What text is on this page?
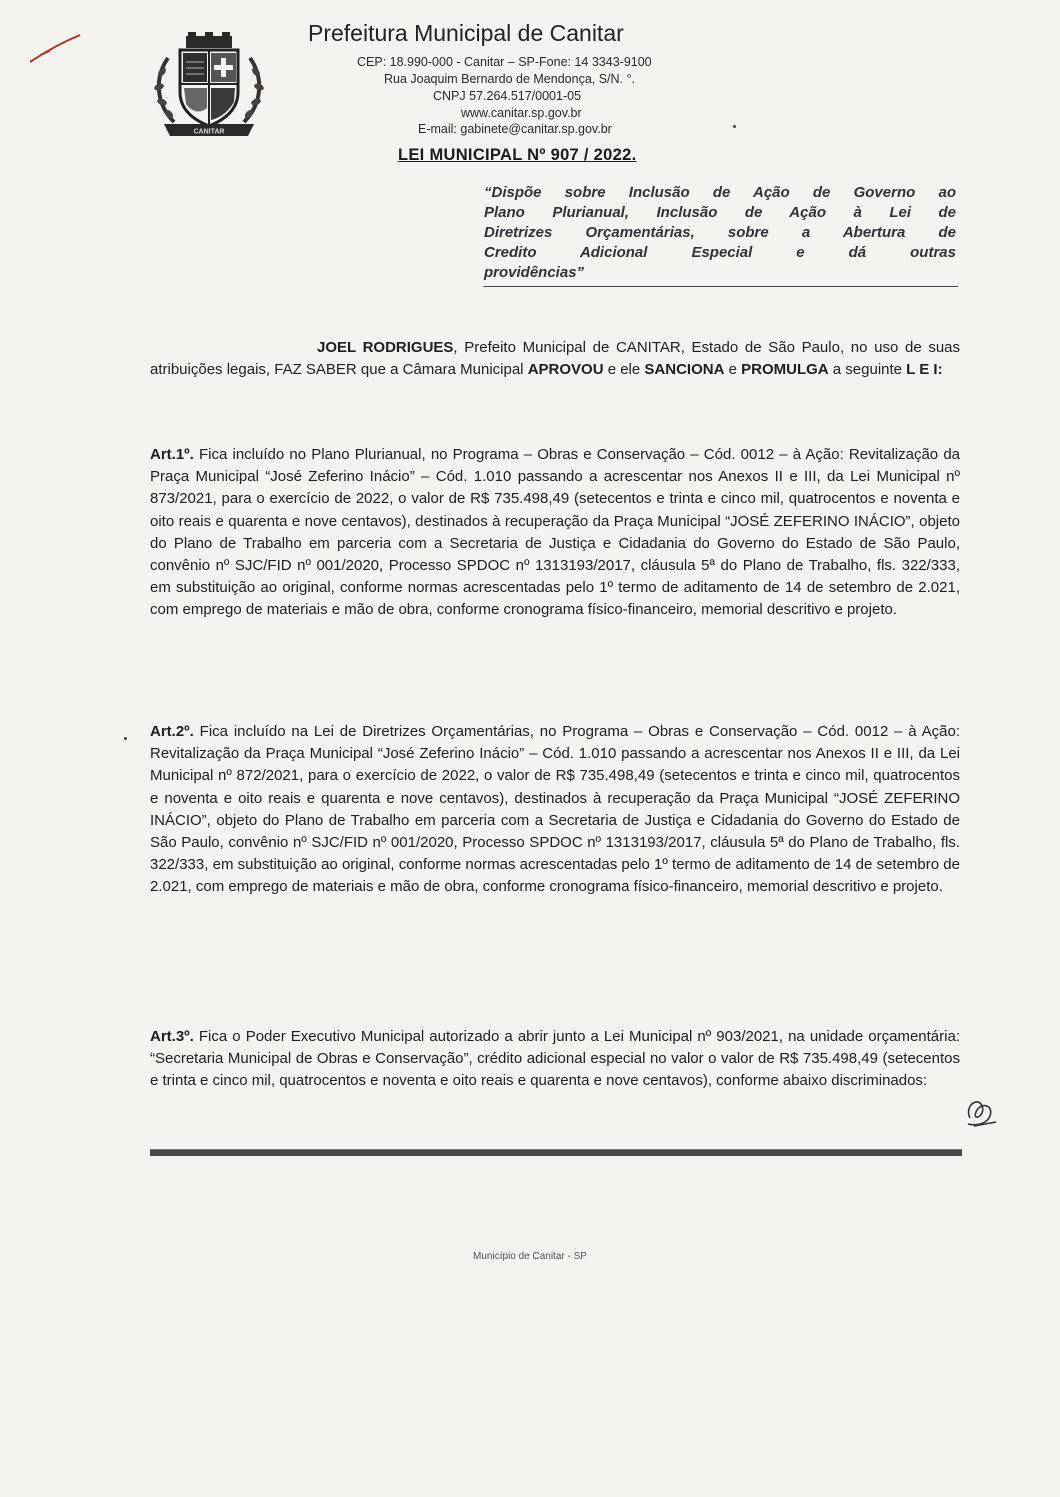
CANITAR
Prefeitura Municipal de Canitar
CEP: 18.990-000 - Canitar – SP-Fone: 14 3343-9100
Rua Joaquim Bernardo de Mendonça, S/N. °.
CNPJ 57.264.517/0001-05
www.canitar.sp.gov.br
E-mail: gabinete@canitar.sp.gov.br
LEI MUNICIPAL Nº 907 / 2022.
“Dispõe sobre Inclusão de Ação de Governo ao
Plano Plurianual, Inclusão de Ação à Lei de
Diretrizes Orçamentárias, sobre a Abertura de
Credito Adicional Especial e dá outras
providências”
JOEL RODRIGUES, Prefeito Municipal de CANITAR, Estado de São Paulo, no uso de suas atribuições legais, FAZ SABER que a Câmara Municipal APROVOU e ele SANCIONA e PROMULGA a seguinte L E I:
Art.1º. Fica incluído no Plano Plurianual, no Programa – Obras e Conservação – Cód. 0012 – à Ação: Revitalização da Praça Municipal “José Zeferino Inácio” – Cód. 1.010 passando a acrescentar nos Anexos II e III, da Lei Municipal nº 873/2021, para o exercício de 2022, o valor de R$ 735.498,49 (setecentos e trinta e cinco mil, quatrocentos e noventa e oito reais e quarenta e nove centavos), destinados à recuperação da Praça Municipal “JOSÉ ZEFERINO INÁCIO”, objeto do Plano de Trabalho em parceria com a Secretaria de Justiça e Cidadania do Governo do Estado de São Paulo, convênio nº SJC/FID nº 001/2020, Processo SPDOC nº 1313193/2017, cláusula 5ª do Plano de Trabalho, fls. 322/333, em substituição ao original, conforme normas acrescentadas pelo 1º termo de aditamento de 14 de setembro de 2.021, com emprego de materiais e mão de obra, conforme cronograma físico-financeiro, memorial descritivo e projeto.
Art.2º. Fica incluído na Lei de Diretrizes Orçamentárias, no Programa – Obras e Conservação – Cód. 0012 – à Ação: Revitalização da Praça Municipal “José Zeferino Inácio” – Cód. 1.010 passando a acrescentar nos Anexos II e III, da Lei Municipal nº 872/2021, para o exercício de 2022, o valor de R$ 735.498,49 (setecentos e trinta e cinco mil, quatrocentos e noventa e oito reais e quarenta e nove centavos), destinados à recuperação da Praça Municipal “JOSÉ ZEFERINO INÁCIO”, objeto do Plano de Trabalho em parceria com a Secretaria de Justiça e Cidadania do Governo do Estado de São Paulo, convênio nº SJC/FID nº 001/2020, Processo SPDOC nº 1313193/2017, cláusula 5ª do Plano de Trabalho, fls. 322/333, em substituição ao original, conforme normas acrescentadas pelo 1º termo de aditamento de 14 de setembro de 2.021, com emprego de materiais e mão de obra, conforme cronograma físico-financeiro, memorial descritivo e projeto.
Art.3º. Fica o Poder Executivo Municipal autorizado a abrir junto a Lei Municipal nº 903/2021, na unidade orçamentária: “Secretaria Municipal de Obras e Conservação”, crédito adicional especial no valor o valor de R$ 735.498,49 (setecentos e trinta e cinco mil, quatrocentos e noventa e oito reais e quarenta e nove centavos), conforme abaixo discriminados:
Município de Canitar - SP
